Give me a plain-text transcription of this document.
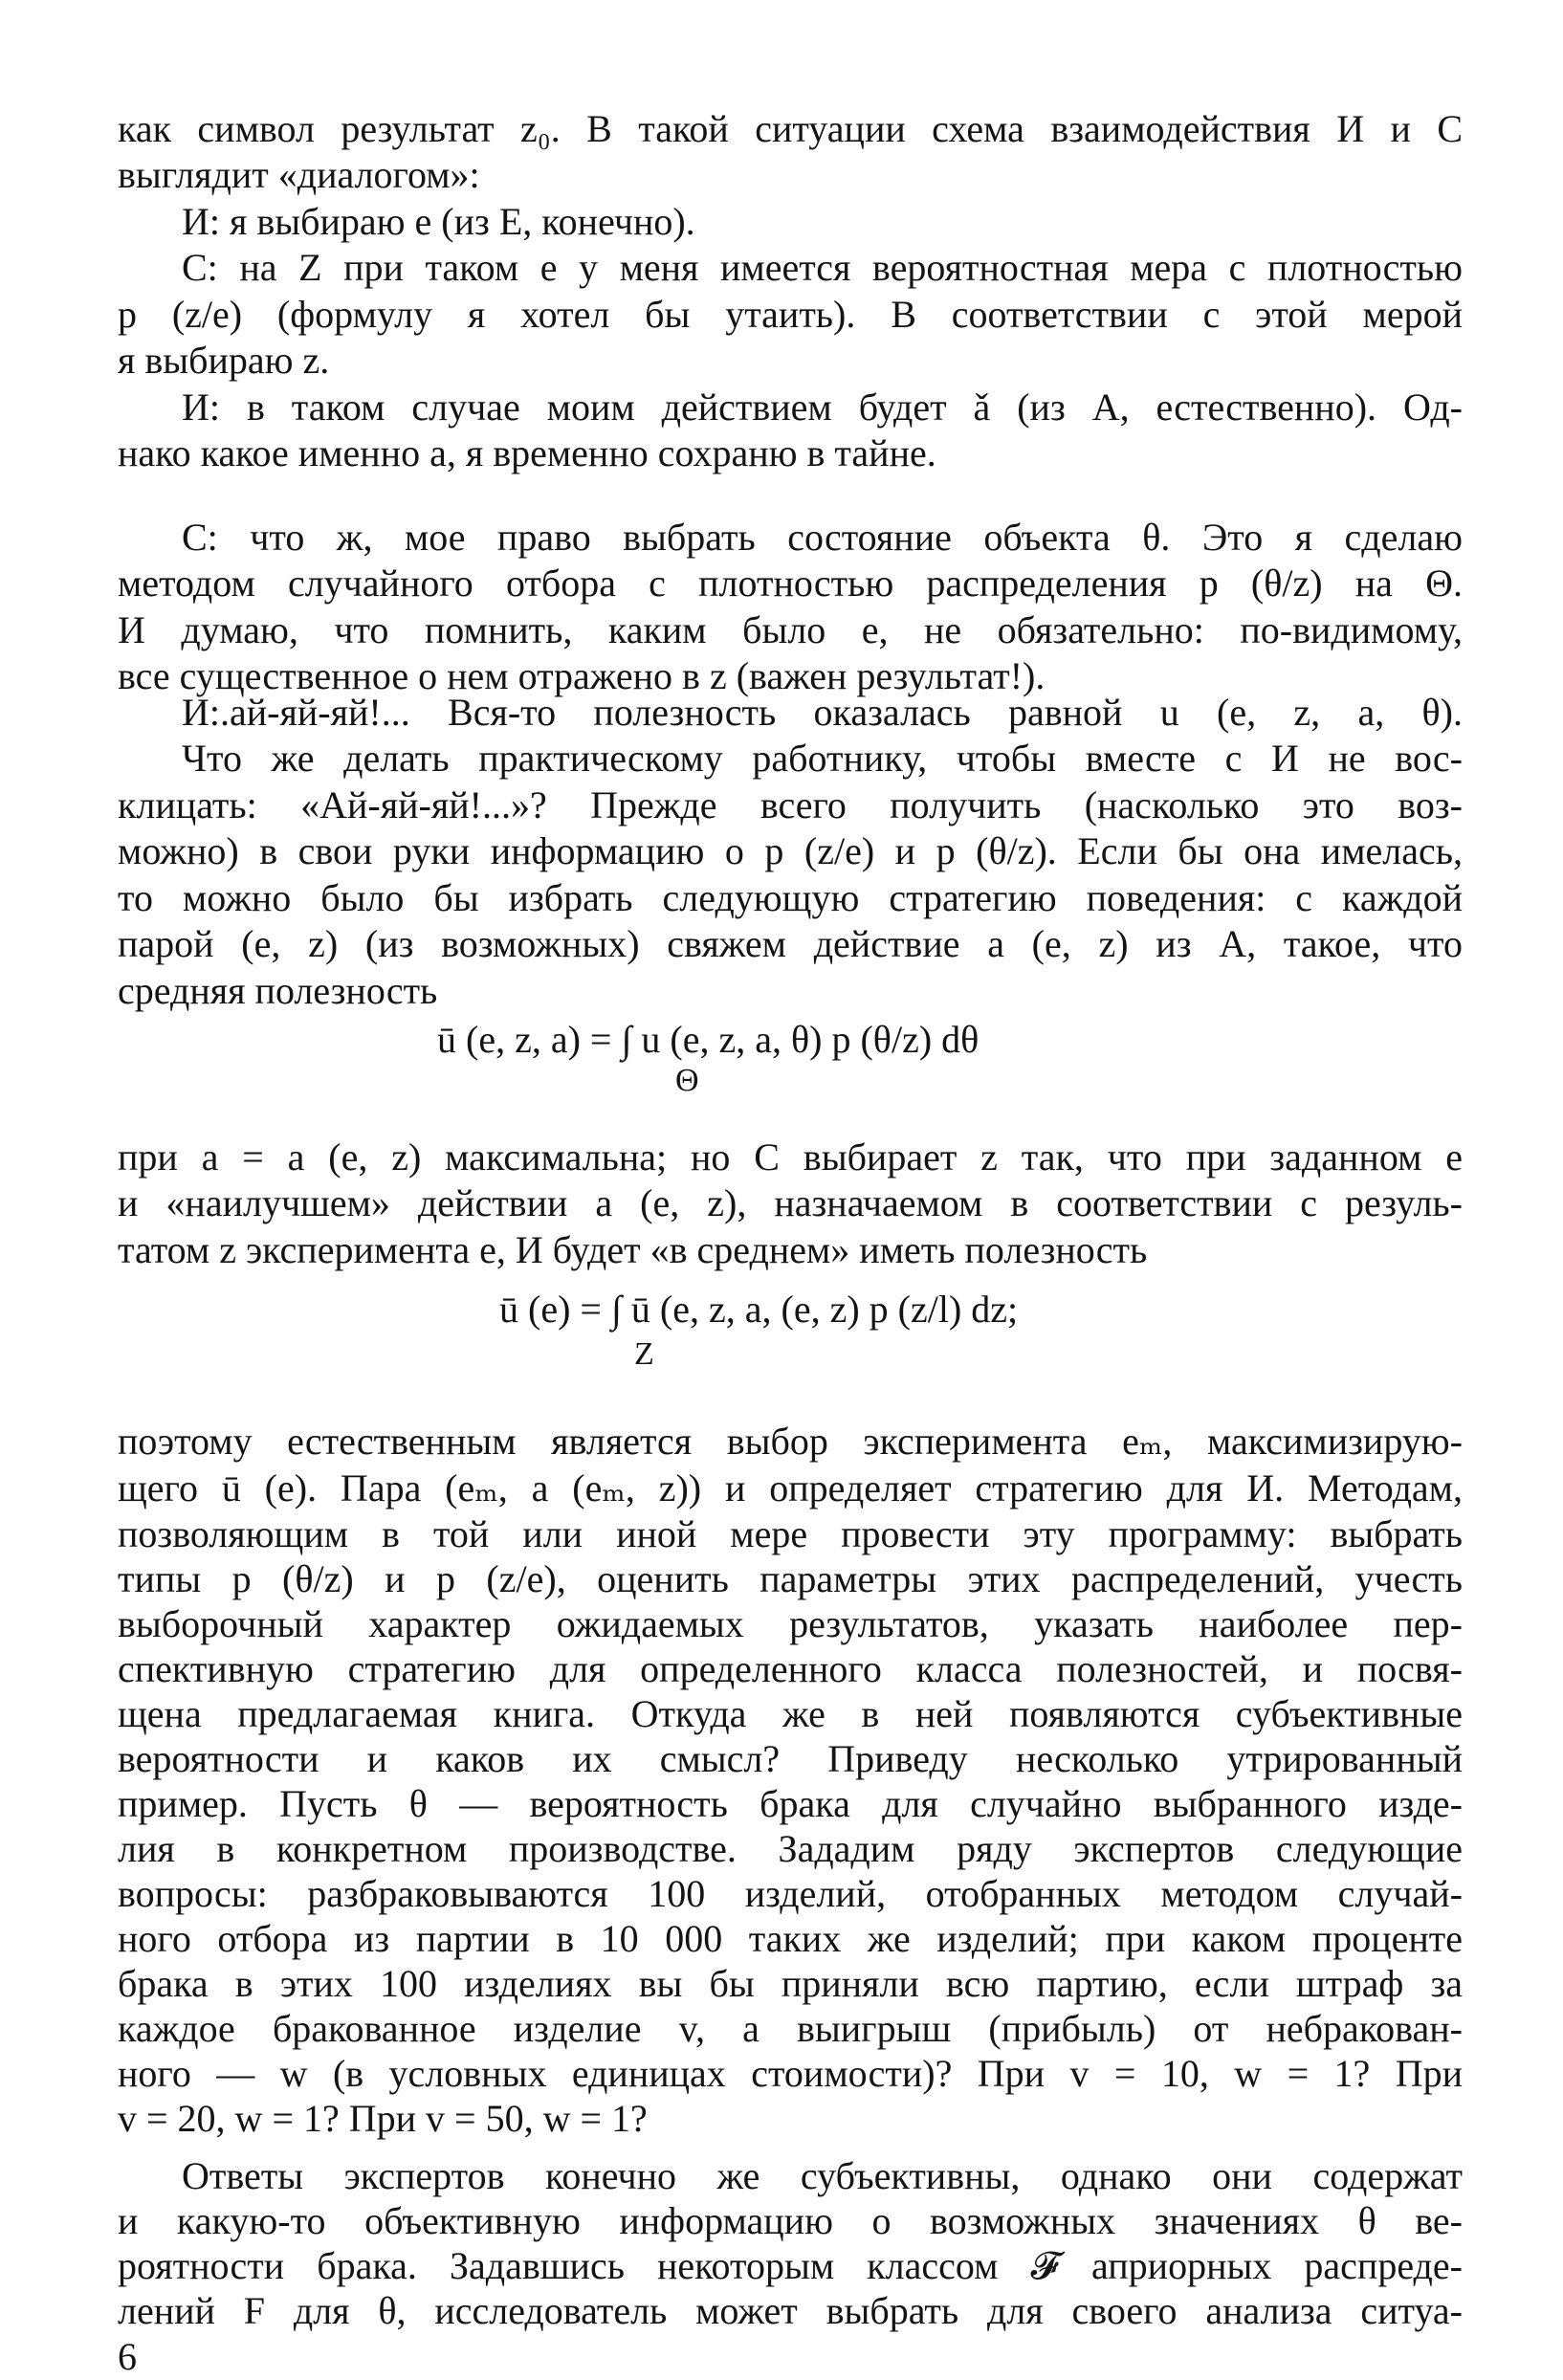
как символ результат z₀. В такой ситуации схема взаимодействия И и С
выглядит «диалогом»:
И: я выбираю e (из E, конечно).
С: на Z при таком e у меня имеется вероятностная мера с плотностью
p (z/e) (формулу я хотел бы утаить). В соответствии с этой мерой
я выбираю z.
И: в таком случае моим действием будет ǎ (из A, естественно). Од-
нако какое именно a, я временно сохраню в тайне.
С: что ж, мое право выбрать состояние объекта θ. Это я сделаю
методом случайного отбора с плотностью распределения p (θ/z) на Θ.
И думаю, что помнить, каким было e, не обязательно: по-видимому,
все существенное о нем отражено в z (важен результат!).
И:.ай-яй-яй!... Вся-то полезность оказалась равной u (e, z, a, θ).
Что же делать практическому работнику, чтобы вместе с И не вос-
клицать: «Ай-яй-яй!...»? Прежде всего получить (насколько это воз-
можно) в свои руки информацию о p (z/e) и p (θ/z). Если бы она имелась,
то можно было бы избрать следующую стратегию поведения: с каждой
парой (e, z) (из возможных) свяжем действие a (e, z) из A, такое, что
средняя полезность
ū (e, z, a) = ∫ u (e, z, a, θ) p (θ/z) dθ
Θ
при a = a (e, z) максимальна; но С выбирает z так, что при заданном e
и «наилучшем» действии a (e, z), назначаемом в соответствии с резуль-
татом z эксперимента e, И будет «в среднем» иметь полезность
ū (e) = ∫ ū (e, z, a, (e, z) p (z/l) dz;
Z
поэтому естественным является выбор эксперимента eₘ, максимизирую-
щего ū (e). Пара (eₘ, a (eₘ, z)) и определяет стратегию для И. Методам,
позволяющим в той или иной мере провести эту программу: выбрать
типы p (θ/z) и p (z/e), оценить параметры этих распределений, учесть
выборочный характер ожидаемых результатов, указать наиболее пер-
спективную стратегию для определенного класса полезностей, и посвя-
щена предлагаемая книга. Откуда же в ней появляются субъективные
вероятности и каков их смысл? Приведу несколько утрированный
пример. Пусть θ — вероятность брака для случайно выбранного изде-
лия в конкретном производстве. Зададим ряду экспертов следующие
вопросы: разбраковываются 100 изделий, отобранных методом случай-
ного отбора из партии в 10 000 таких же изделий; при каком проценте
брака в этих 100 изделиях вы бы приняли всю партию, если штраф за
каждое бракованное изделие v, а выигрыш (прибыль) от небракован-
ного — w (в условных единицах стоимости)? При v = 10, w = 1? При
v = 20, w = 1? При v = 50, w = 1?
Ответы экспертов конечно же субъективны, однако они содержат
и какую-то объективную информацию о возможных значениях θ ве-
роятности брака. Задавшись некоторым классом 𝓕 априорных распреде-
лений F для θ, исследователь может выбрать для своего анализа ситуа-
6
